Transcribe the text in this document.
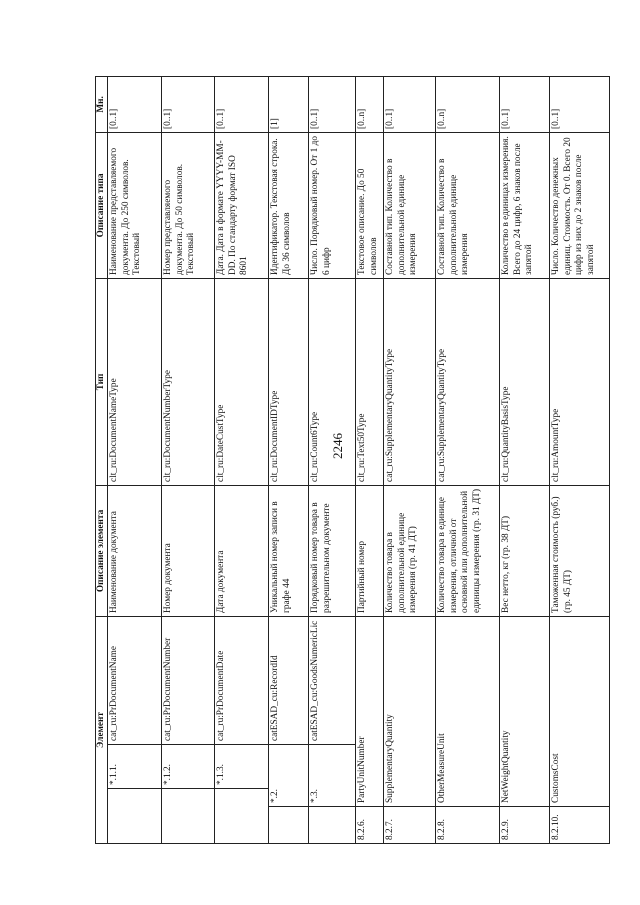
2246
Элемент					Описание элемента	Тип	Описание типа	Мн.
			*.1.1.	cat_ru:PrDocumentName	Наименование документа	clt_ru:DocumentNameType	Наименование представляемого документа. До 250 символов. Текстовый	[0..1]
			*.1.2.	cat_ru:PrDocumentNumber	Номер документа	clt_ru:DocumentNumberType	Номер представляемого документа. До 50 символов. Текстовый	[0..1]
			*.1.3.	cat_ru:PrDocumentDate	Дата документа	clt_ru:DateCustType	Дата. Дата в формате YYYY-MM-DD. По стандарту формат ISO 8601	[0..1]
		*.2.		catESAD_cu:RecordId	Уникальный номер записи в графе 44	clt_ru:DocumentIDType	Идентификатор. Текстовая строка. До 36 символов	[1]
		*.3.		catESAD_cu:GoodsNumericLic	Порядковый номер товара в разрешительном документе	clt_ru:Count6Type	Число. Порядковый номер. От 1 до 6 цифр	[0..1]
8.2.6.		PartyUnitNumber			Партийный номер	clt_ru:Text50Type	Текстовое описание. До 50 символов	[0..n]
8.2.7.		SupplementaryQuantity			Количество товара в дополнительной единице измерения (гр. 41 ДТ)	cat_ru:SupplementaryQuantityType	Составной тип. Количество в дополнительной единице измерения	[0..1]
8.2.8.		OtherMeasureUnit			Количество товара в единице измерения, отличной от основной или дополнительной единицы измерения (гр. 31 ДТ)	cat_ru:SupplementaryQuantityType	Составной тип. Количество в дополнительной единице измерения	[0..n]
8.2.9.		NetWeightQuantity			Вес нетто, кг (гр. 38 ДТ)	clt_ru:QuantityBasisType	Количество в единицах измерения. Всего до 24 цифр, 6 знаков после запятой	[0..1]
8.2.10.		CustomsCost			Таможенная стоимость (руб.) (гр. 45 ДТ)	clt_ru:AmountType	Число. Количество денежных единиц. Стоимость. От 0. Всего 20 цифр из них до 2 знаков после запятой	[0..1]
